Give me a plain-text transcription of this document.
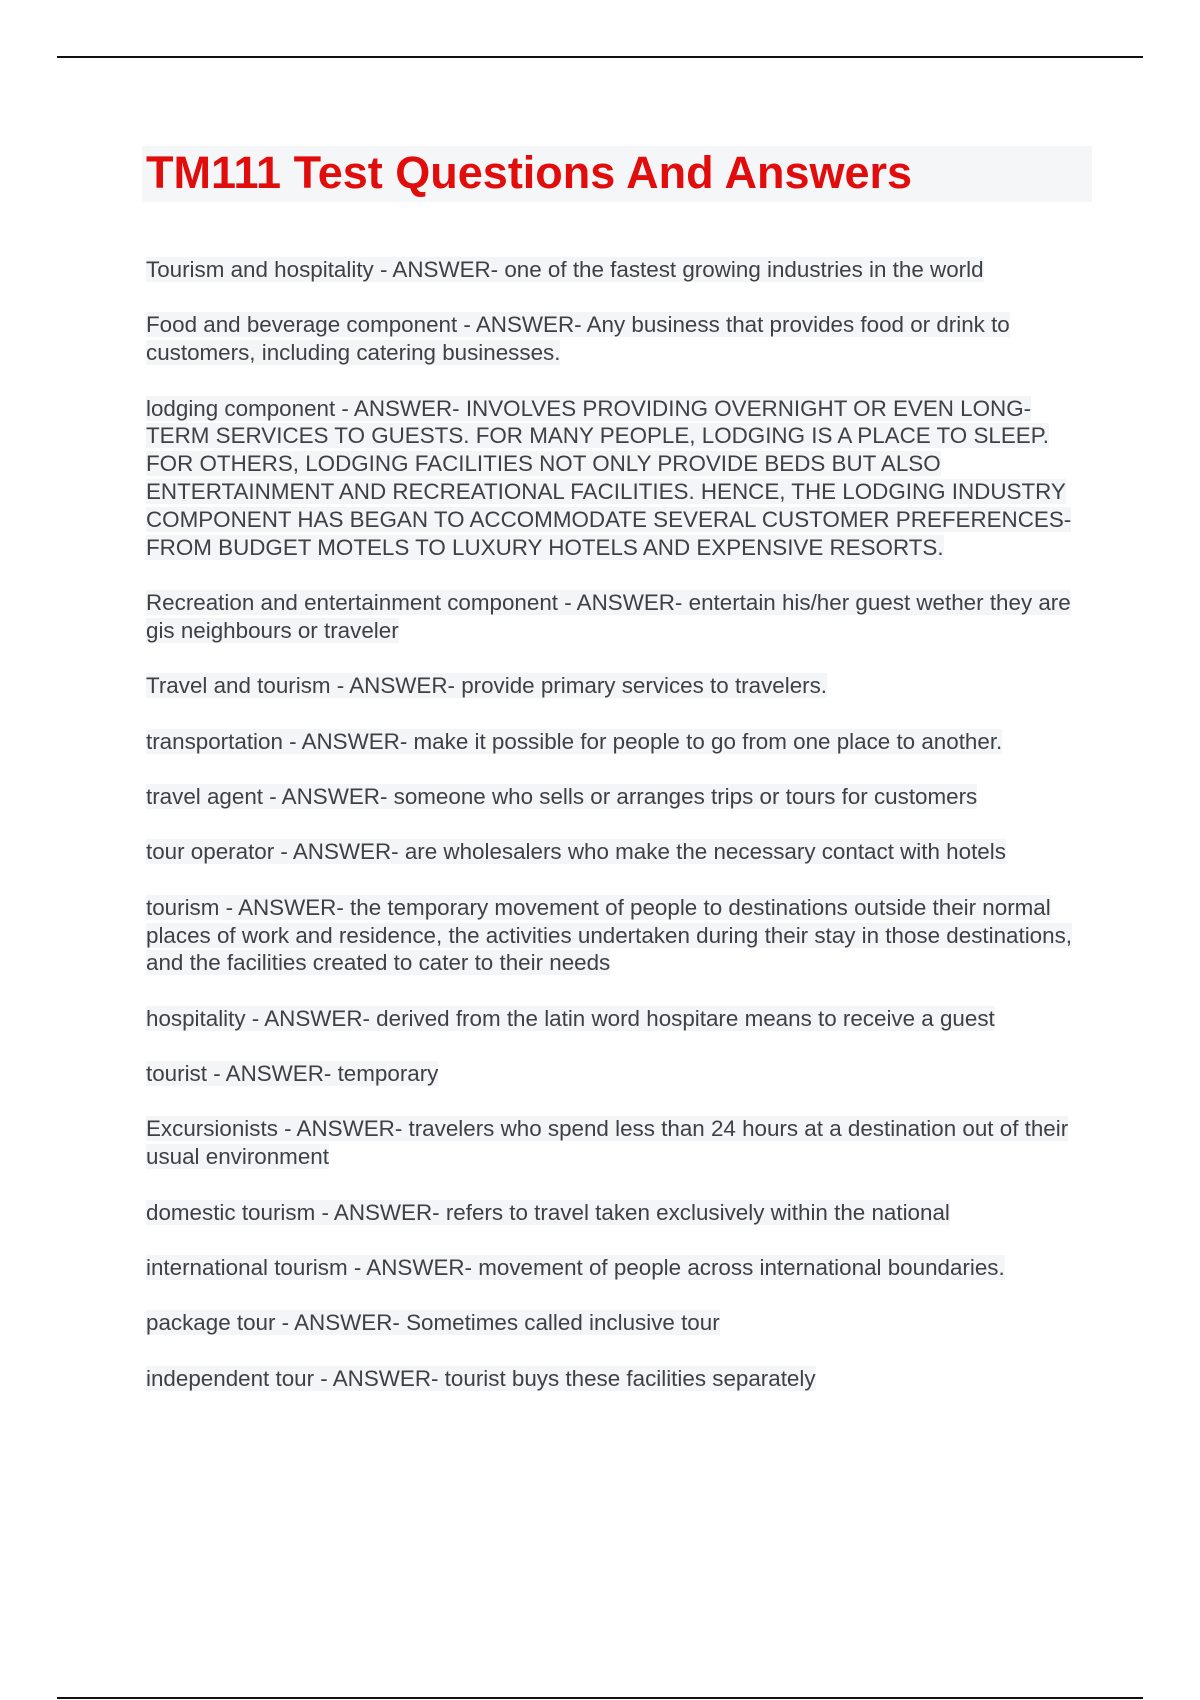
TM111 Test Questions And Answers
Tourism and hospitality - ANSWER- one of the fastest growing industries in the world
Food and beverage component - ANSWER- Any business that provides food or drink to customers, including catering businesses.
lodging component - ANSWER- INVOLVES PROVIDING OVERNIGHT OR EVEN LONG-TERM SERVICES TO GUESTS. FOR MANY PEOPLE, LODGING IS A PLACE TO SLEEP. FOR OTHERS, LODGING FACILITIES NOT ONLY PROVIDE BEDS BUT ALSO ENTERTAINMENT AND RECREATIONAL FACILITIES. HENCE, THE LODGING INDUSTRY COMPONENT HAS BEGAN TO ACCOMMODATE SEVERAL CUSTOMER PREFERENCES- FROM BUDGET MOTELS TO LUXURY HOTELS AND EXPENSIVE RESORTS.
Recreation and entertainment component - ANSWER- entertain his/her guest wether they are gis neighbours or traveler
Travel and tourism - ANSWER- provide primary services to travelers.
transportation - ANSWER- make it possible for people to go from one place to another.
travel agent - ANSWER- someone who sells or arranges trips or tours for customers
tour operator - ANSWER- are wholesalers who make the necessary contact with hotels
tourism - ANSWER- the temporary movement of people to destinations outside their normal places of work and residence, the activities undertaken during their stay in those destinations, and the facilities created to cater to their needs
hospitality - ANSWER- derived from the latin word hospitare means to receive a guest
tourist - ANSWER- temporary
Excursionists - ANSWER- travelers who spend less than 24 hours at a destination out of their usual environment
domestic tourism - ANSWER- refers to travel taken exclusively within the national
international tourism - ANSWER- movement of people across international boundaries.
package tour - ANSWER- Sometimes called inclusive tour
independent tour - ANSWER- tourist buys these facilities separately
